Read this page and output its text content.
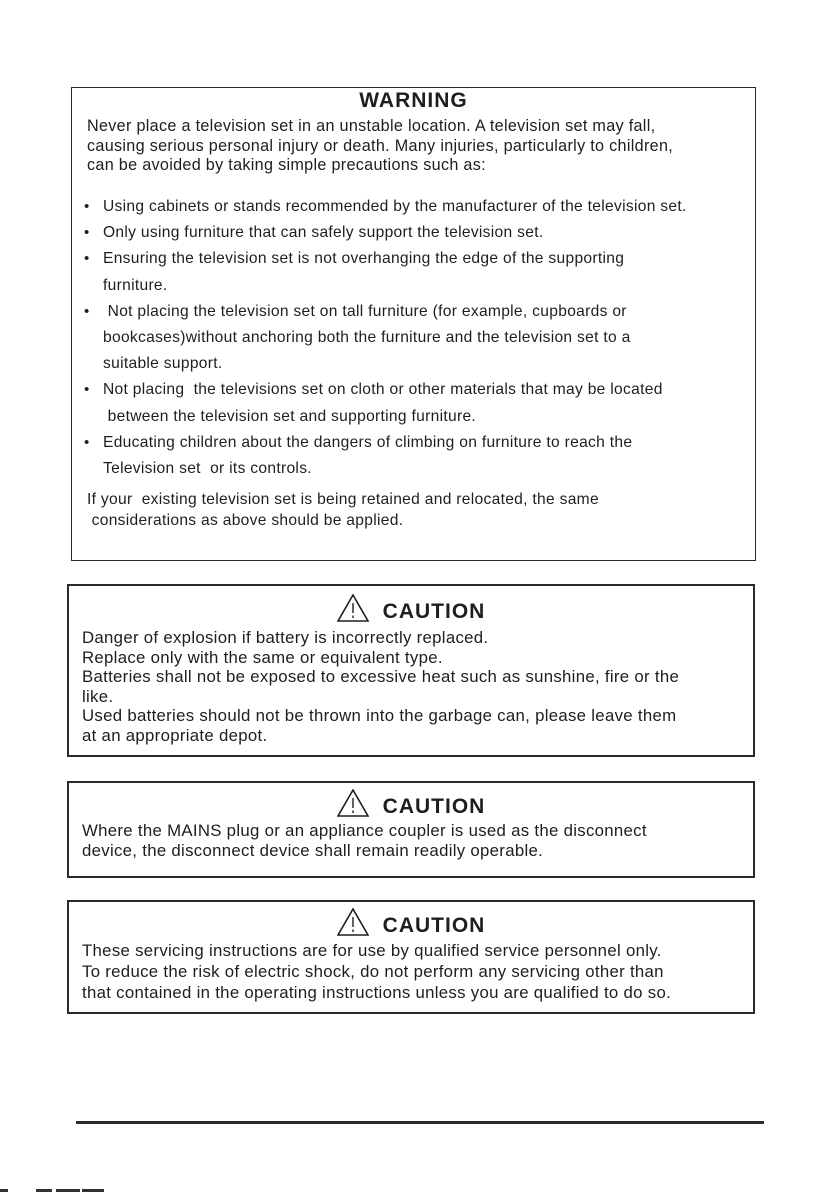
WARNING
Never place a television set in an unstable location. A television set may fall,
causing serious personal injury or death. Many injuries, particularly to children,
can be avoided by taking simple precautions such as:
• Using cabinets or stands recommended by the manufacturer of the television set.
• Only using furniture that can safely support the television set.
• Ensuring the television set is not overhanging the edge of the supporting
furniture.
• Not placing the television set on tall furniture (for example, cupboards or
bookcases)without anchoring both the furniture and the television set to a
suitable support.
• Not placing  the televisions set on cloth or other materials that may be located
between the television set and supporting furniture.
• Educating children about the dangers of climbing on furniture to reach the
Television set  or its controls.
If your  existing television set is being retained and relocated, the same
considerations as above should be applied.
CAUTION
Danger of explosion if battery is incorrectly replaced.
Replace only with the same or equivalent type.
Batteries shall not be exposed to excessive heat such as sunshine, fire or the
like.
Used batteries should not be thrown into the garbage can, please leave them
at an appropriate depot.
CAUTION
Where the MAINS plug or an appliance coupler is used as the disconnect
device, the disconnect device shall remain readily operable.
CAUTION
These servicing instructions are for use by qualified service personnel only.
To reduce the risk of electric shock, do not perform any servicing other than
that contained in the operating instructions unless you are qualified to do so.
